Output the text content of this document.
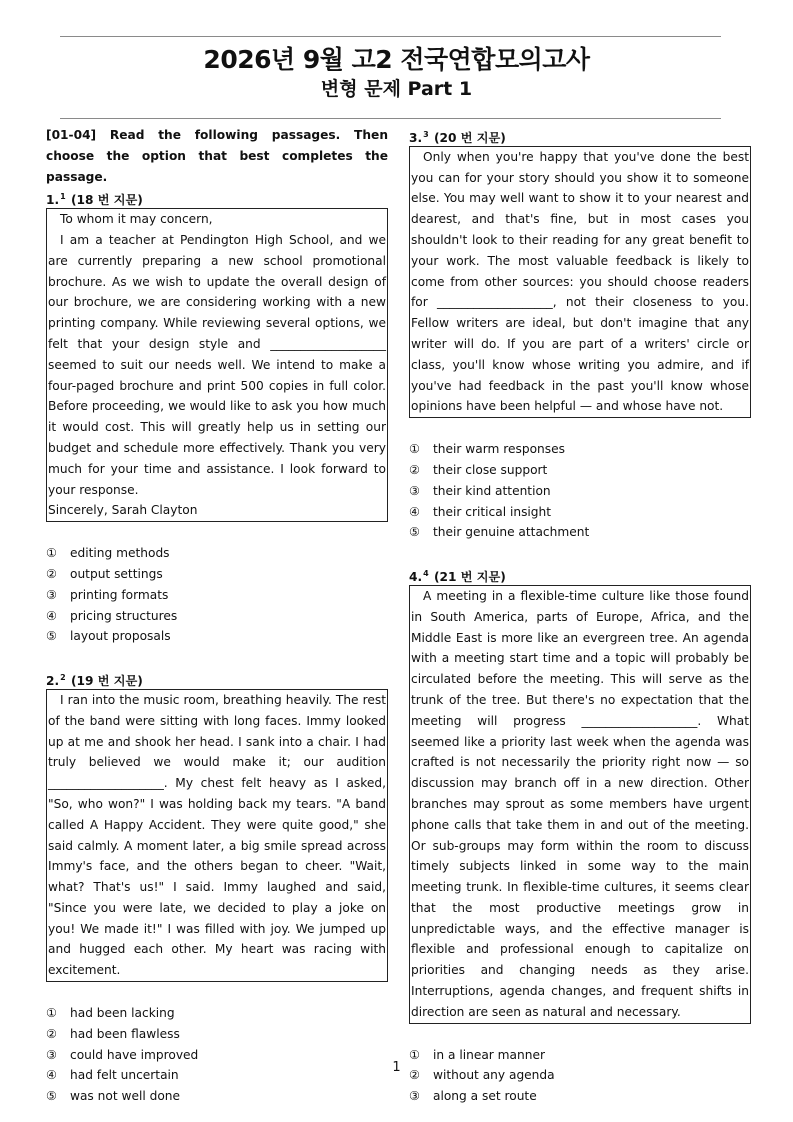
2026년 9월 고2 전국연합모의고사
변형 문제 Part 1

[01-04] Read the following passages. Then choose the option that best completes the passage.

1.$^1$ (18 번 지문)

To whom it may concern,

I am a teacher at Pendington High School, and we are currently preparing a new school promotional brochure. As we wish to update the overall design of our brochure, we are considering working with a new printing company. While reviewing several options, we felt that your design style and ___________________ seemed to suit our needs well. We intend to make a four-paged brochure and print 500 copies in full color. Before proceeding, we would like to ask you how much it would cost. This will greatly help us in setting our budget and schedule more effectively. Thank you very much for your time and assistance. I look forward to your response.

Sincerely, Sarah Clayton

① editing methods
② output settings
③ printing formats
④ pricing structures
⑤ layout proposals
2.$^2$ (19 번 지문)

I ran into the music room, breathing heavily. The rest of the band were sitting with long faces. Immy looked up at me and shook her head. I sank into a chair. I had truly believed we would make it; our audition ___________________. My chest felt heavy as I asked, "So, who won?" I was holding back my tears. "A band called A Happy Accident. They were quite good," she said calmly. A moment later, a big smile spread across Immy's face, and the others began to cheer. "Wait, what? That's us!" I said. Immy laughed and said, "Since you were late, we decided to play a joke on you! We made it!" I was filled with joy. We jumped up and hugged each other. My heart was racing with excitement.

① had been lacking
② had been flawless
③ could have improved
④ had felt uncertain
⑤ was not well done
3.$^3$ (20 번 지문)

Only when you're happy that you've done the best you can for your story should you show it to someone else. You may well want to show it to your nearest and dearest, and that's fine, but in most cases you shouldn't look to their reading for any great benefit to your work. The most valuable feedback is likely to come from other sources: you should choose readers for ___________________, not their closeness to you. Fellow writers are ideal, but don't imagine that any writer will do. If you are part of a writers' circle or class, you'll know whose writing you admire, and if you've had feedback in the past you'll know whose opinions have been helpful — and whose have not.

① their warm responses
② their close support
③ their kind attention
④ their critical insight
⑤ their genuine attachment
4.$^4$ (21 번 지문)

A meeting in a flexible-time culture like those found in South America, parts of Europe, Africa, and the Middle East is more like an evergreen tree. An agenda with a meeting start time and a topic will probably be circulated before the meeting. This will serve as the trunk of the tree. But there's no expectation that the meeting will progress ___________________. What seemed like a priority last week when the agenda was crafted is not necessarily the priority right now — so discussion may branch off in a new direction. Other branches may sprout as some members have urgent phone calls that take them in and out of the meeting. Or sub-groups may form within the room to discuss timely subjects linked in some way to the main meeting trunk. In flexible-time cultures, it seems clear that the most productive meetings grow in unpredictable ways, and the effective manager is flexible and professional enough to capitalize on priorities and changing needs as they arise. Interruptions, agenda changes, and frequent shifts in direction are seen as natural and necessary.

① in a linear manner
② without any agenda
③ along a set route
1
